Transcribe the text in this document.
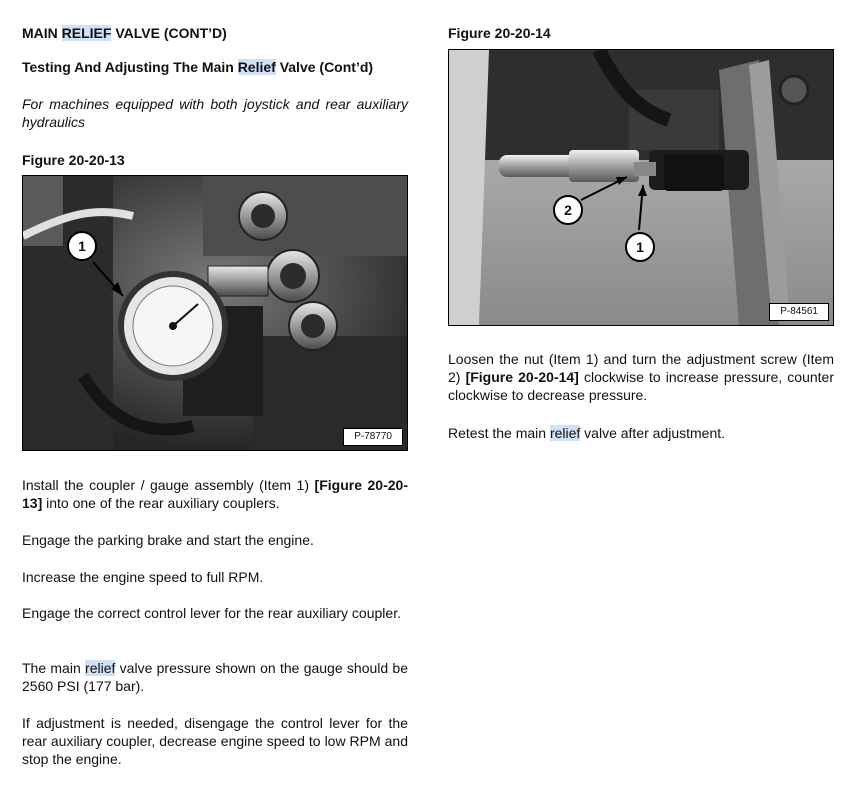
MAIN RELIEF VALVE (CONT’D)

Testing And Adjusting The Main Relief Valve (Cont’d)

For machines equipped with both joystick and rear auxiliary hydraulics

Figure 20-20-13

1
P-78770

Install the coupler / gauge assembly (Item 1) [Figure 20-20-13] into one of the rear auxiliary couplers.

Engage the parking brake and start the engine.

Increase the engine speed to full RPM.

Engage the correct control lever for the rear auxiliary coupler.

The main relief valve pressure shown on the gauge should be 2560 PSI (177 bar).

If adjustment is needed, disengage the control lever for the rear auxiliary coupler, decrease engine speed to low RPM and stop the engine.

Figure 20-20-14

2
1
P-84561

Loosen the nut (Item 1) and turn the adjustment screw (Item 2) [Figure 20-20-14] clockwise to increase pressure, counter clockwise to decrease pressure.

Retest the main relief valve after adjustment.
